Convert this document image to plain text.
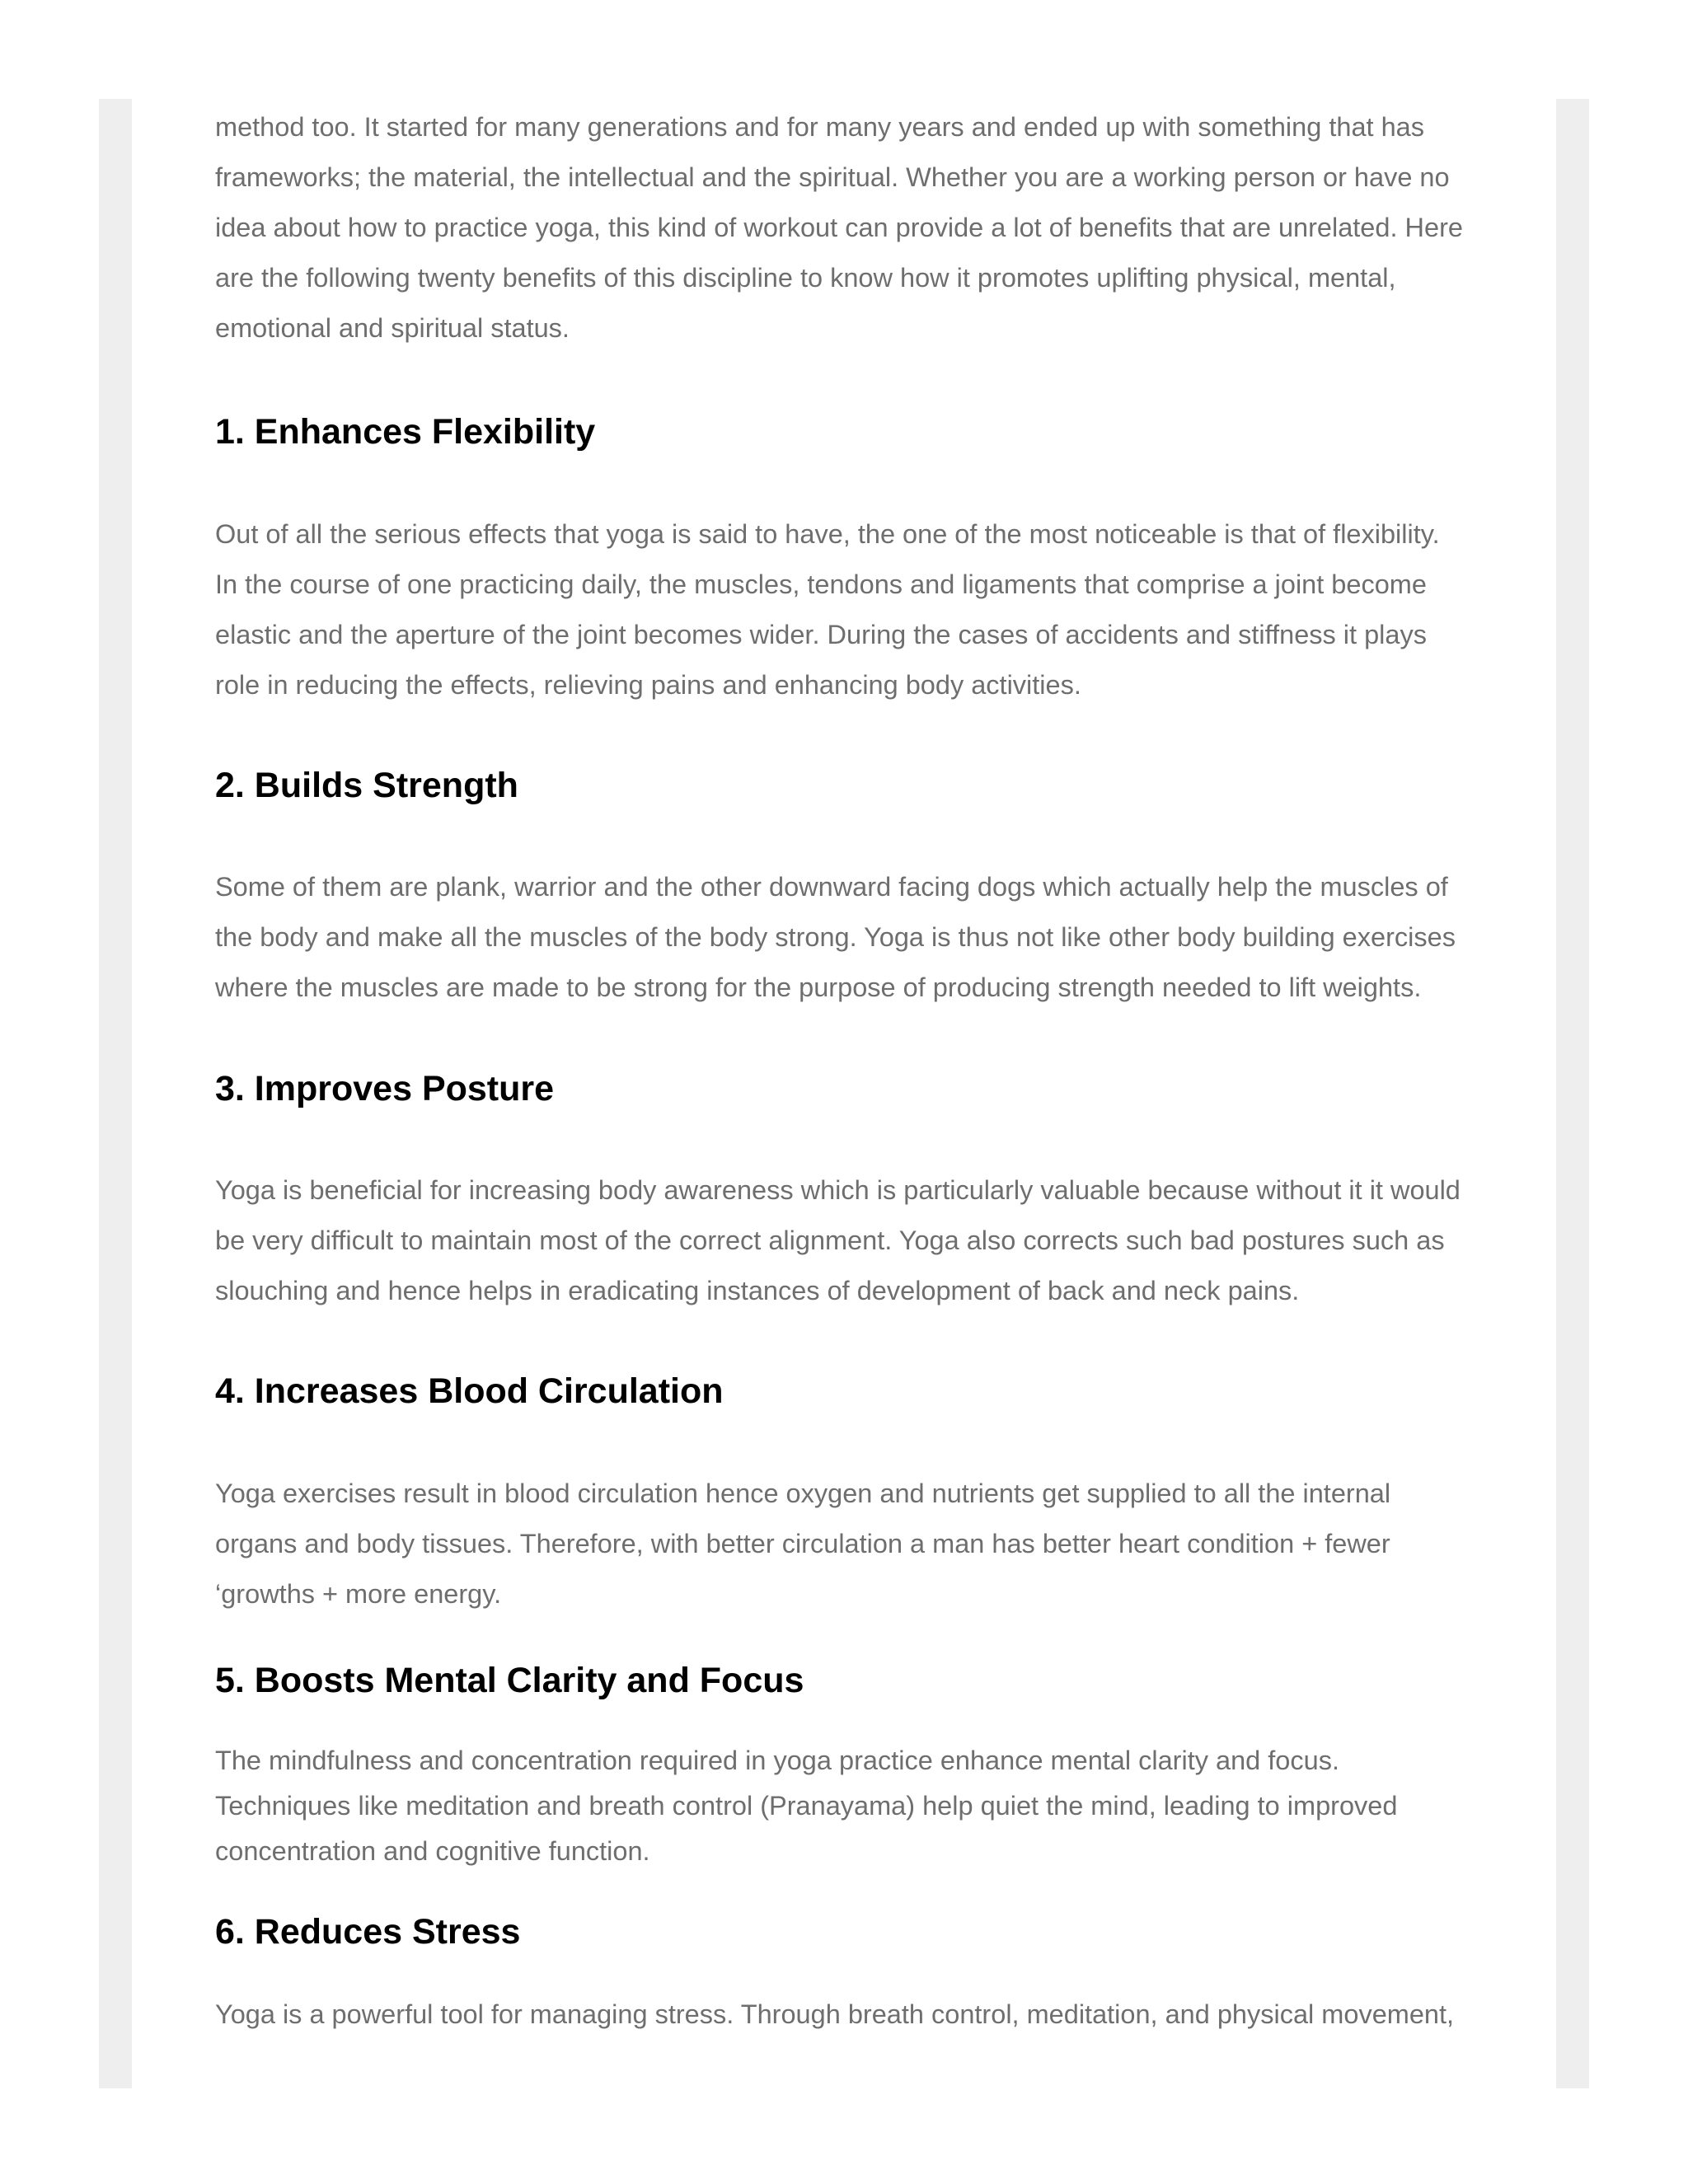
method too. It started for many generations and for many years and ended up with something that has
frameworks; the material, the intellectual and the spiritual. Whether you are a working person or have no
idea about how to practice yoga, this kind of workout can provide a lot of benefits that are unrelated. Here
are the following twenty benefits of this discipline to know how it promotes uplifting physical, mental,
emotional and spiritual status.

1. Enhances Flexibility

Out of all the serious effects that yoga is said to have, the one of the most noticeable is that of flexibility.
In the course of one practicing daily, the muscles, tendons and ligaments that comprise a joint become
elastic and the aperture of the joint becomes wider. During the cases of accidents and stiffness it plays
role in reducing the effects, relieving pains and enhancing body activities.

2. Builds Strength

Some of them are plank, warrior and the other downward facing dogs which actually help the muscles of
the body and make all the muscles of the body strong. Yoga is thus not like other body building exercises
where the muscles are made to be strong for the purpose of producing strength needed to lift weights.

3. Improves Posture

Yoga is beneficial for increasing body awareness which is particularly valuable because without it it would
be very difficult to maintain most of the correct alignment. Yoga also corrects such bad postures such as
slouching and hence helps in eradicating instances of development of back and neck pains.

4. Increases Blood Circulation

Yoga exercises result in blood circulation hence oxygen and nutrients get supplied to all the internal
organs and body tissues. Therefore, with better circulation a man has better heart condition + fewer
‘growths + more energy.

5. Boosts Mental Clarity and Focus

The mindfulness and concentration required in yoga practice enhance mental clarity and focus.
Techniques like meditation and breath control (Pranayama) help quiet the mind, leading to improved
concentration and cognitive function.

6. Reduces Stress

Yoga is a powerful tool for managing stress. Through breath control, meditation, and physical movement,
